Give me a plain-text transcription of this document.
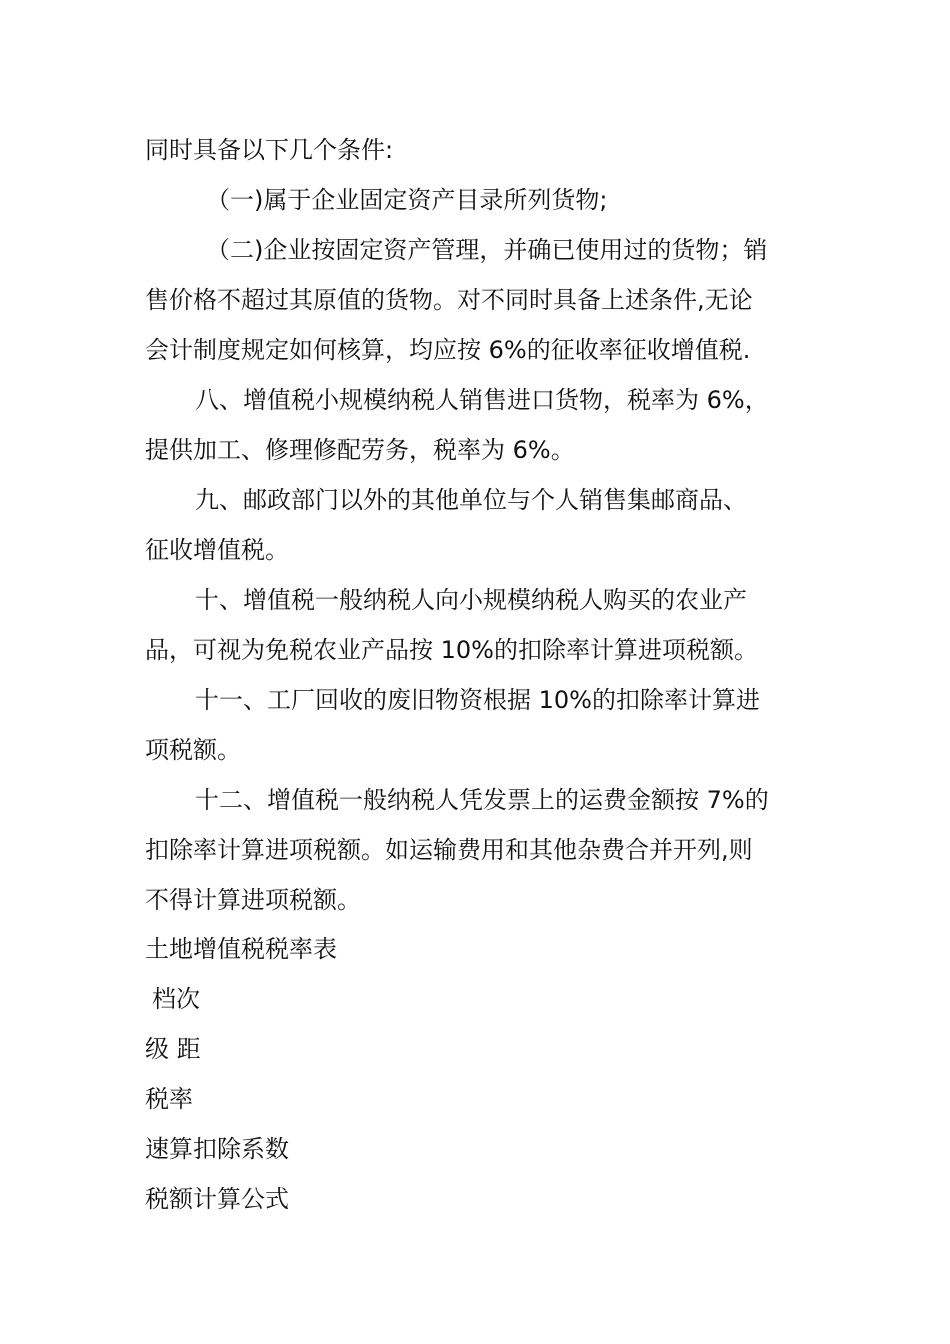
同时具备以下几个条件:
（一)属于企业固定资产目录所列货物;
（二)企业按固定资产管理，并确已使用过的货物；销
售价格不超过其原值的货物。对不同时具备上述条件,无论
会计制度规定如何核算，均应按 6%的征收率征收增值税.
八、增值税小规模纳税人销售进口货物，税率为 6%，
提供加工、修理修配劳务，税率为 6%。
九、邮政部门以外的其他单位与个人销售集邮商品、
征收增值税。
十、增值税一般纳税人向小规模纳税人购买的农业产
品，可视为免税农业产品按 10%的扣除率计算进项税额。
十一、工厂回收的废旧物资根据 10%的扣除率计算进
项税额。
十二、增值税一般纳税人凭发票上的运费金额按 7%的
扣除率计算进项税额。如运输费用和其他杂费合并开列,则
不得计算进项税额。
土地增值税税率表
档次
级 距
税率
速算扣除系数
税额计算公式
